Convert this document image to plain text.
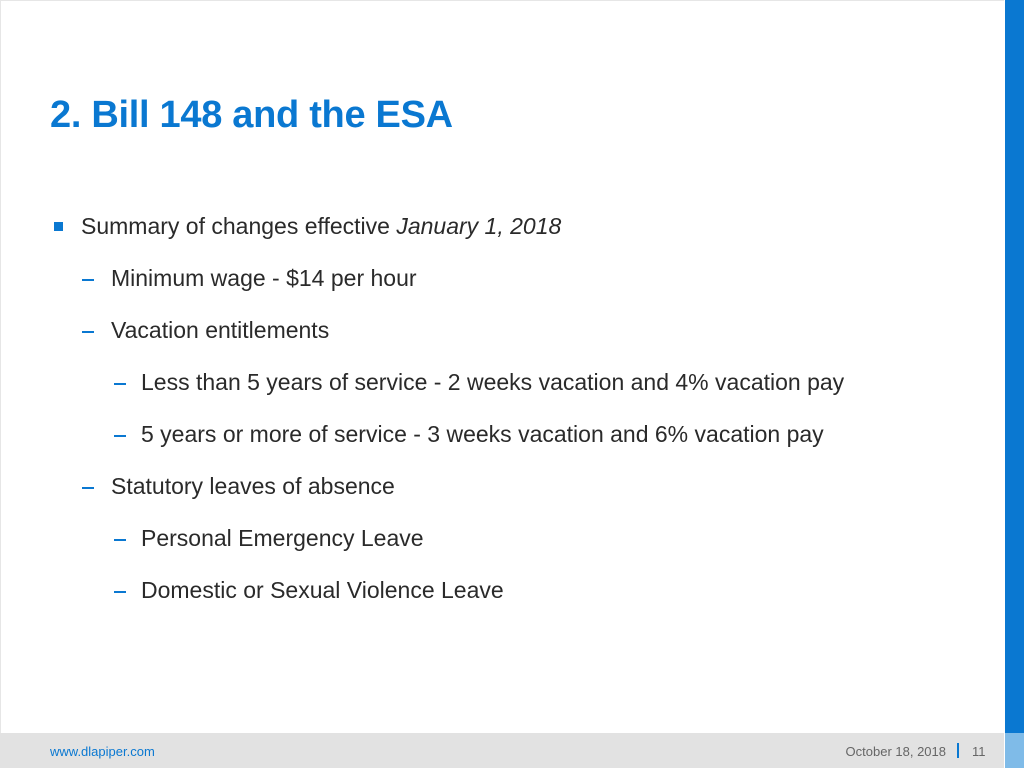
2. Bill 148 and the ESA
Summary of changes effective January 1, 2018
Minimum wage - $14 per hour
Vacation entitlements
Less than 5 years of service - 2 weeks vacation and 4% vacation pay
5 years or more of service - 3 weeks vacation and 6% vacation pay
Statutory leaves of absence
Personal Emergency Leave
Domestic or Sexual Violence Leave
www.dlapiper.com	October 18, 2018 11
